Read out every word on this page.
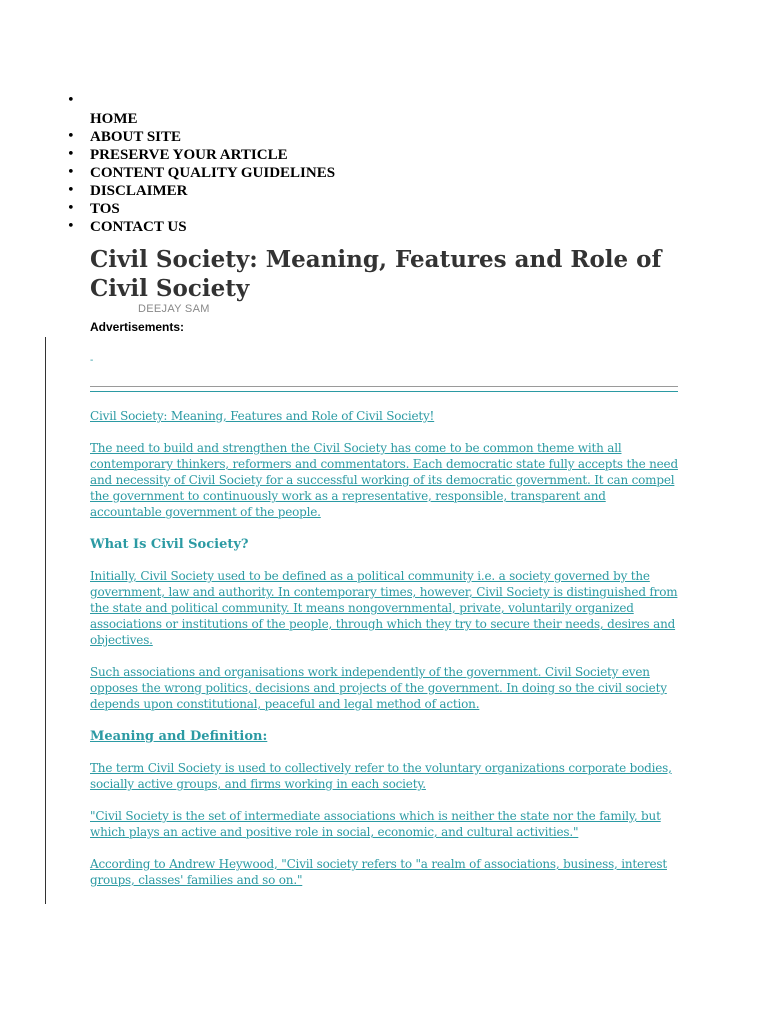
•
HOME
• ABOUT SITE
• PRESERVE YOUR ARTICLE
• CONTENT QUALITY GUIDELINES
• DISCLAIMER
• TOS
• CONTACT US
Civil Society: Meaning, Features and Role of Civil Society
DEEJAY SAM
Advertisements:
-

Civil Society: Meaning, Features and Role of Civil Society!

The need to build and strengthen the Civil Society has come to be common theme with all contemporary thinkers, reformers and commentators. Each democratic state fully accepts the need and necessity of Civil Society for a successful working of its democratic government. It can compel the government to continuously work as a representative, responsible, transparent and accountable government of the people.

What Is Civil Society?

Initially, Civil Society used to be defined as a political community i.e. a society governed by the government, law and authority. In contemporary times, however, Civil Society is distinguished from the state and political community. It means nongovernmental, private, voluntarily organized associations or institutions of the people, through which they try to secure their needs, desires and objectives.

Such associations and organisations work independently of the government. Civil Society even opposes the wrong politics, decisions and projects of the government. In doing so the civil society depends upon constitutional, peaceful and legal method of action.

Meaning and Definition:

The term Civil Society is used to collectively refer to the voluntary organizations corporate bodies, socially active groups, and firms working in each society.

"Civil Society is the set of intermediate associations which is neither the state nor the family, but which plays an active and positive role in social, economic, and cultural activities."

According to Andrew Heywood, "Civil society refers to "a realm of associations, business, interest groups, classes' families and so on."
